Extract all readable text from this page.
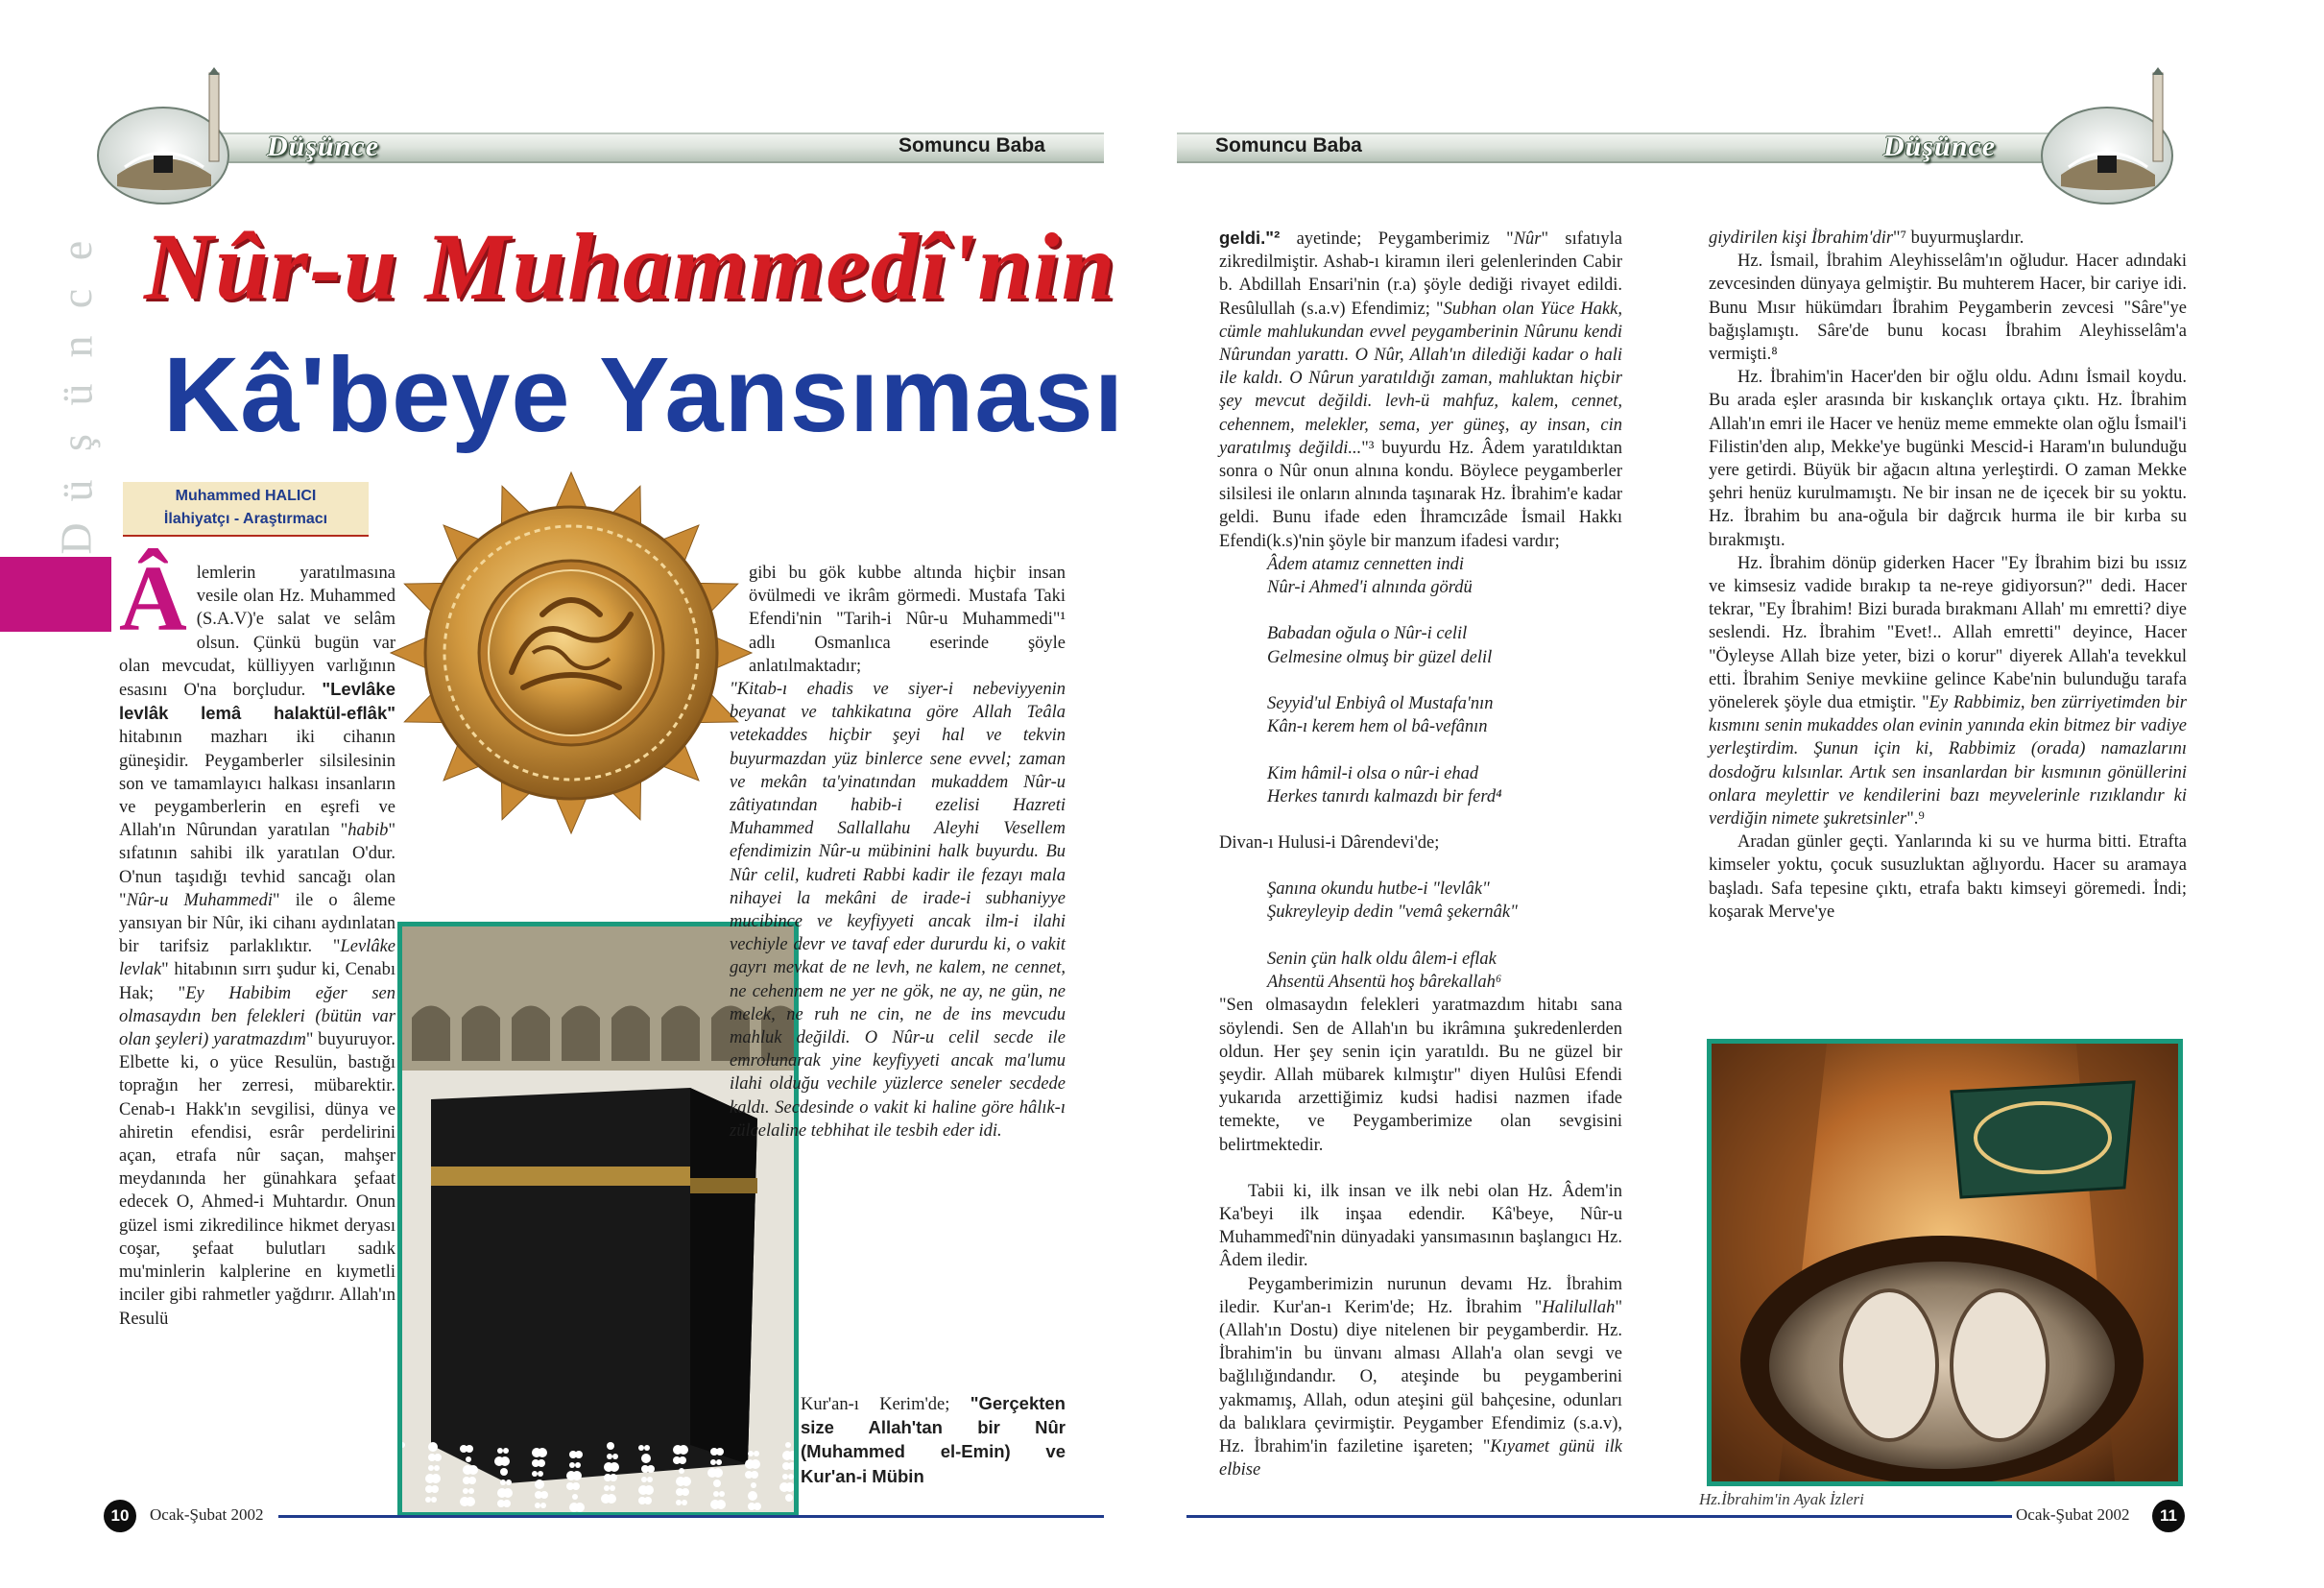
Düşünce	Somuncu Baba	Somuncu Baba	Düşünce
e
c
n
ü
ş
ü
D
Nûr-u Muhammedî'nin
Kâ'beye Yansıması
Muhammed HALICI
İlahiyatçı - Araştırmacı

Âlemlerin yaratılmasına vesile olan Hz. Muhammed (S.A.V)'e salat ve selâm olsun. Çünkü bugün var olan mevcudat, külliyyen varlığının esasını O'na borçludur. "Levlâke levlâk lemâ halaktül-eflâk" hitabının mazharı iki cihanın güneşidir. Peygamberler silsilesinin son ve tamamlayıcı halkası insanların ve peygamberlerin en eşrefi ve Allah'ın Nûrundan yaratılan "habib" sıfatının sahibi ilk yaratılan O'dur. O'nun taşıdığı tevhid sancağı olan "Nûr-u Muhammedi" ile o âleme yansıyan bir Nûr, iki cihanı aydınlatan bir tarifsiz parlaklıktır. "Levlâke levlak" hitabının sırrı şudur ki, Cenabı Hak; "Ey Habibim eğer sen olmasaydın ben felekleri (bütün var olan şeyleri) yaratmazdım" buyuruyor. Elbette ki, o yüce Resulün, bastığı toprağın her zerresi, mübarektir. Cenab-ı Hakk'ın sevgilisi, dünya ve ahiretin efendisi, esrâr perdelirini açan, etrafa nûr saçan, mahşer meydanında her günahkara şefaat edecek O, Ahmed-i Muhtardır. Onun güzel ismi zikredilince hikmet deryası coşar, şefaat bulutları sadık mu'minlerin kalplerine en kıymetli inciler gibi rahmetler yağdırır. Allah'ın Resulü

gibi bu gök kubbe altında hiçbir insan övülmedi ve ikrâm görmedi. Mustafa Taki Efendi'nin "Tarih-i Nûr-u Muhammedi"¹ adlı Osmanlıca eserinde şöyle anlatılmaktadır;

"Kitab-ı ehadis ve siyer-i nebeviyyenin beyanat ve tahkikatına göre Allah Teâla vetekaddes hiçbir şeyi hal ve tekvin buyurmazdan yüz binlerce sene evvel; zaman ve mekân ta'yinatından mukaddem Nûr-u zâtiyatından habib-i ezelisi Hazreti Muhammed Sallallahu Aleyhi Vesellem efendimizin Nûr-u mübinini halk buyurdu. Bu Nûr celil, kudreti Rabbi kadir ile fezayı mala nihayei la mekâni de irade-i subhaniyye mucibince ve keyfiyyeti ancak ilm-i ilahi vechiyle devr ve tavaf eder dururdu ki, o vakit gayrı mevkat de ne levh, ne kalem, ne cennet, ne cehennem ne yer ne gök, ne ay, ne gün, ne melek, ne ruh ne cin, ne de ins mevcudu mahluk değildi. O Nûr-u celil secde ile emrolunarak yine keyfiyyeti ancak ma'lumu ilahi olduğu vechile yüzlerce seneler secdede kaldı. Secdesinde o vakit ki haline göre hâlık-ı zülcelaline tebhihat ile tesbih eder idi.

Kur'an-ı Kerim'de; "Gerçekten size Allah'tan bir Nûr (Muhammed el-Emin) ve Kur'an-i Mübin

geldi."² ayetinde; Peygamberimiz "Nûr" sıfatıyla zikredilmiştir. Ashab-ı kiramın ileri gelenlerinden Cabir b. Abdillah Ensari'nin (r.a) şöyle dediği rivayet edildi. Resûlullah (s.a.v) Efendimiz; "Subhan olan Yüce Hakk, cümle mahlukundan evvel peygamberinin Nûrunu kendi Nûrundan yarattı. O Nûr, Allah'ın dilediği kadar o hali ile kaldı. O Nûrun yaratıldığı zaman, mahluktan hiçbir şey mevcut değildi. levh-ü mahfuz, kalem, cennet, cehennem, melekler, sema, yer güneş, ay insan, cin yaratılmış değildi..."³ buyurdu Hz. Âdem yaratıldıktan sonra o Nûr onun alnına kondu. Böylece peygamberler silsilesi ile onların alnında taşınarak Hz. İbrahim'e kadar geldi. Bunu ifade eden İhramcızâde İsmail Hakkı Efendi(k.s)'nin şöyle bir manzum ifadesi vardır;

Âdem atamız cennetten indi

Nûr-i Ahmed'i alnında gördü

Babadan oğula o Nûr-i celil

Gelmesine olmuş bir güzel delil

Seyyid'ul Enbiyâ ol Mustafa'nın

Kân-ı kerem hem ol bâ-vefânın

Kim hâmil-i olsa o nûr-i ehad

Herkes tanırdı kalmazdı bir ferd⁴

Divan-ı Hulusi-i Dârendevi'de;

Şanına okundu hutbe-i "levlâk"

Şukreyleyip dedin "vemâ şekernâk"

Senin çün halk oldu âlem-i eflak

Ahsentü Ahsentü hoş bârekallah⁶

"Sen olmasaydın felekleri yaratmazdım hitabı sana söylendi. Sen de Allah'ın bu ikrâmına şukredenlerden oldun. Her şey senin için yaratıldı. Bu ne güzel bir şeydir. Allah mübarek kılmıştır" diyen Hulûsi Efendi yukarıda arzettiğimiz kudsi hadisi nazmen ifade temekte, ve Peygamberimize olan sevgisini belirtmektedir.

Tabii ki, ilk insan ve ilk nebi olan Hz. Âdem'in Ka'beyi ilk inşaa edendir. Kâ'beye, Nûr-u Muhammedî'nin dünyadaki yansımasının başlangıcı Hz. Âdem iledir.

Peygamberimizin nurunun devamı Hz. İbrahim iledir. Kur'an-ı Kerim'de; Hz. İbrahim "Halilullah" (Allah'ın Dostu) diye nitelenen bir peygamberdir. Hz. İbrahim'in bu ünvanı alması Allah'a olan sevgi ve bağlılığındandır. O, ateşinde bu peygamberini yakmamış, Allah, odun ateşini gül bahçesine, odunları da balıklara çevirmiştir. Peygamber Efendimiz (s.a.v), Hz. İbrahim'in faziletine işareten; "Kıyamet günü ilk elbise

giydirilen kişi İbrahim'dir"⁷ buyurmuşlardır.

Hz. İsmail, İbrahim Aleyhisselâm'ın oğludur. Hacer adındaki zevcesinden dünyaya gelmiştir. Bu muhterem Hacer, bir cariye idi. Bunu Mısır hükümdarı İbrahim Peygamberin zevcesi "Sâre"ye bağışlamıştı. Sâre'de bunu kocası İbrahim Aleyhisselâm'a vermişti.⁸

Hz. İbrahim'in Hacer'den bir oğlu oldu. Adını İsmail koydu. Bu arada eşler arasında bir kıskançlık ortaya çıktı. Hz. İbrahim Allah'ın emri ile Hacer ve henüz meme emmekte olan oğlu İsmail'i Filistin'den alıp, Mekke'ye bugünki Mescid-i Haram'ın bulunduğu yere getirdi. Büyük bir ağacın altına yerleştirdi. O zaman Mekke şehri henüz kurulmamıştı. Ne bir insan ne de içecek bir su yoktu. Hz. İbrahim bu ana-oğula bir dağrcık hurma ile bir kırba su bırakmıştı.

Hz. İbrahim dönüp giderken Hacer "Ey İbrahim bizi bu ıssız ve kimsesiz vadide bırakıp ta ne-reye gidiyorsun?" dedi. Hacer tekrar, "Ey İbrahim! Bizi burada bırakmanı Allah' mı emretti? diye seslendi. Hz. İbrahim "Evet!.. Allah emretti" deyince, Hacer "Öyleyse Allah bize yeter, bizi o korur" diyerek Allah'a tevekkul etti. İbrahim Seniye mevkiine gelince Kabe'nin bulunduğu tarafa yönelerek şöyle dua etmiştir. "Ey Rabbimiz, ben zürriyetimden bir kısmını senin mukaddes olan evinin yanında ekin bitmez bir vadiye yerleştirdim. Şunun için ki, Rabbimiz (orada) namazlarını dosdoğru kılsınlar. Artık sen insanlardan bir kısmının gönüllerini onlara meylettir ve kendilerini bazı meyvelerinle rızıklandır ki verdiğin nimete şukretsinler".⁹

Aradan günler geçti. Yanlarında ki su ve hurma bitti. Etrafta kimseler yoktu, çocuk susuzluktan ağlıyordu. Hacer su aramaya başladı. Safa tepesine çıktı, etrafa baktı kimseyi göremedi. İndi; koşarak Merve'ye

Hz.İbrahim'in Ayak İzleri
10	Ocak-Şubat 2002	Ocak-Şubat 2002	11
